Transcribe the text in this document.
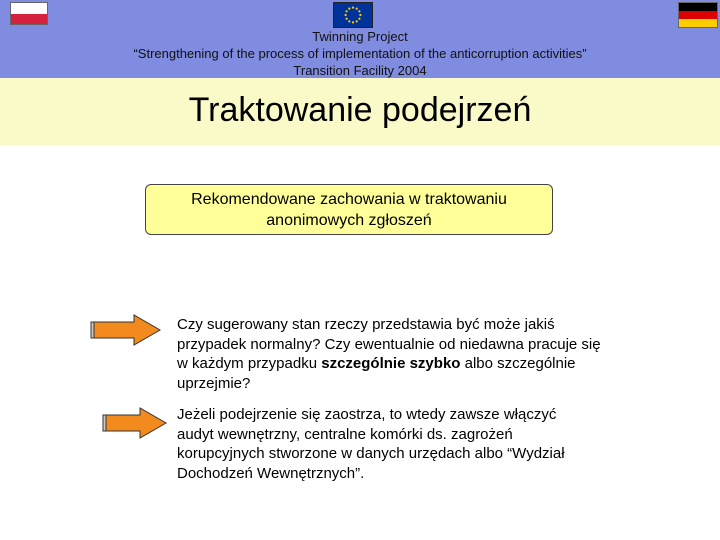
Twinning Project
“Strengthening of the process of implementation of the anticorruption activities”
Transition Facility 2004
Traktowanie podejrzeń
Rekomendowane zachowania w traktowaniu
anonimowych zgłoszeń
Czy sugerowany stan rzeczy przedstawia być może jakiś przypadek normalny? Czy ewentualnie od niedawna pracuje się w każdym przypadku szczególnie szybko albo szczególnie uprzejmie?
Jeżeli podejrzenie się zaostrza, to wtedy zawsze włączyć audyt wewnętrzny, centralne komórki ds. zagrożeń korupcyjnych stworzone w danych urzędach albo “Wydział Dochodzeń Wewnętrznych”.
